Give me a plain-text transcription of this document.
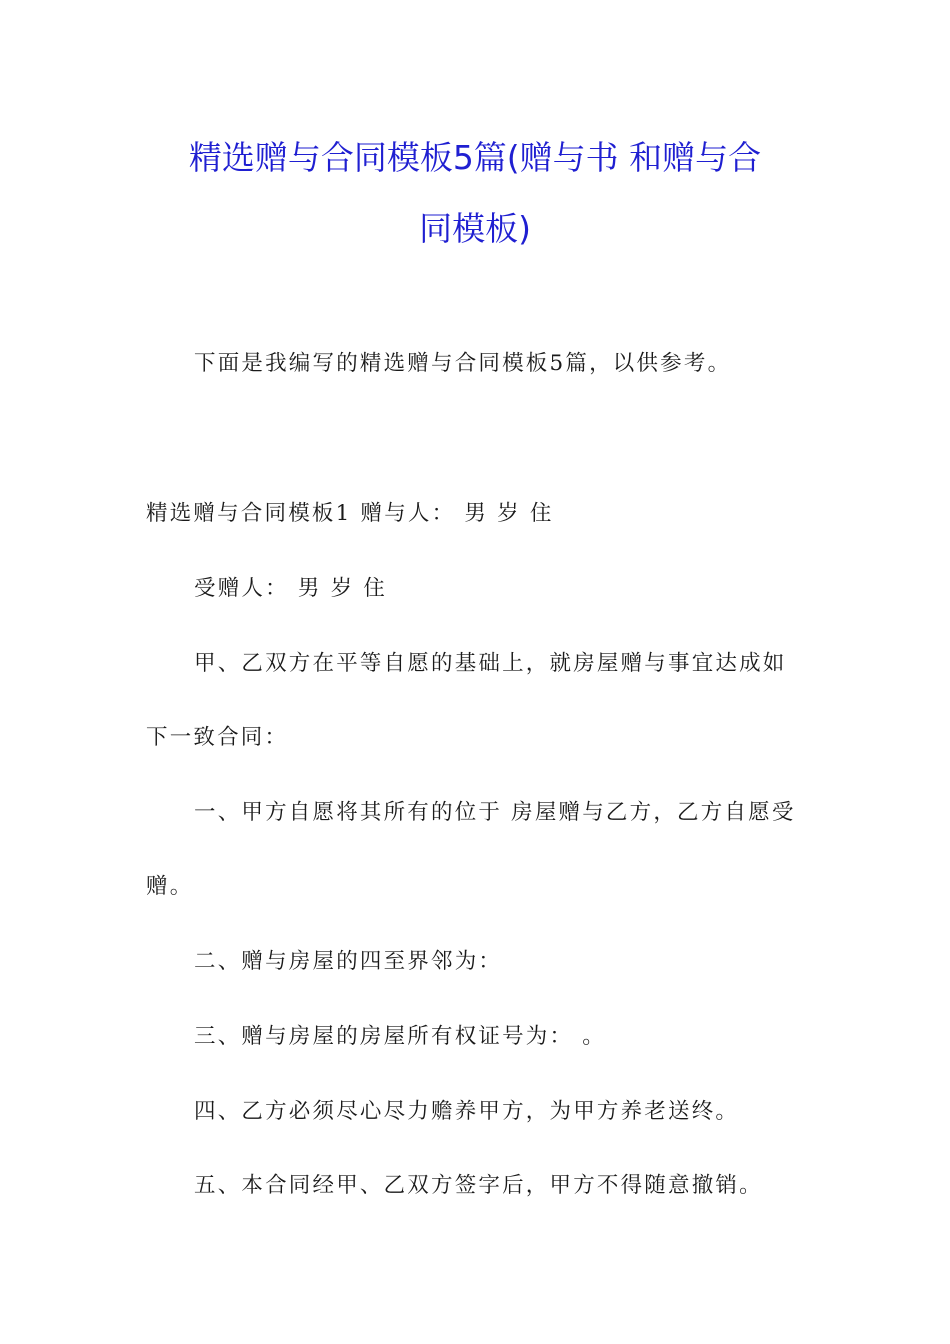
精选赠与合同模板5篇(赠与书 和赠与合
同模板)
下面是我编写的精选赠与合同模板5篇，以供参考。
精选赠与合同模板1 赠与人： 男 岁 住
受赠人： 男 岁 住
甲、乙双方在平等自愿的基础上，就房屋赠与事宜达成如
下一致合同：
一、甲方自愿将其所有的位于 房屋赠与乙方，乙方自愿受
赠。
二、赠与房屋的四至界邻为：
三、赠与房屋的房屋所有权证号为： 。
四、乙方必须尽心尽力赡养甲方，为甲方养老送终。
五、本合同经甲、乙双方签字后，甲方不得随意撤销。
